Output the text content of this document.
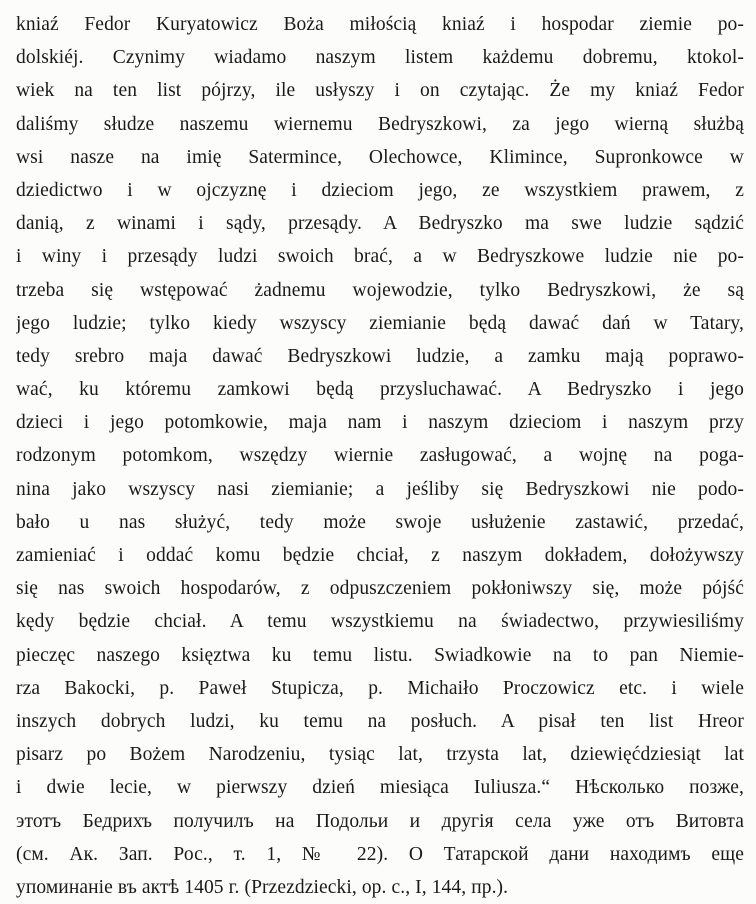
kniaź Fedor Kuryatowicz Boża miłością kniaź i hospodar ziemie po-
dolskiéj. Czynimy wiadamo naszym listem każdemu dobremu, ktokol-
wiek na ten list pójrzy, ile usłyszy i on czytając. Że my kniaź Fedor
daliśmy słudze naszemu wiernemu Bedryszkowi, za jego wierną służbą
wsi nasze na imię Saterminсe, Olechowce, Kliminсe, Supronkowce w
dziedictwo i w ojczyznę i dzieciom jego, ze wszystkiem prawem, z
danią, z winami i sądy, przesądy. A Bedryszko ma swe ludzie sądzić
i winy i przesądy ludzi swoich brać, a w Bedryszkowe ludzie nie po-
trzeba się wstępować żadnemu wojewodzie, tylko Bedryszkowi, że są
jego ludzie; tylko kiedy wszyscy ziemianie będą dawać dań w Tatary,
tedy srebro maja dawać Bedryszkowi ludzie, a zamku mają poprawo-
wać, ku któremu zamkowi będą przysluchawać. A Bedryszko i jego
dzieci i jego potomkowie, maja nam i naszym dzieciom i naszym przy
rodzonym potomkom, wszędzy wiernie zasługować, a wojnę na poga-
nina jako wszyscy nasi ziemianie; a jeśliby się Bedryszkowi nie podo-
bało u nas służyć, tedy może swoje usłużenie zastawić, przedać,
zamieniać i oddać komu będzie chciał, z naszym dokładem, dołożywszy
się nas swoich hospodarów, z odpuszczeniem pokłoniwszy się, może pójść
kędy będzie chciał. A temu wszystkiemu na świadectwo, przywiesiliśmy
pieczęc naszego księztwa ku temu listu. Swiadkowie na to pan Niemie-
rza Bakocki, p. Paweł Stupicza, p. Michaiło Proczowicz etc. i wiele
inszych dobrych ludzi, ku temu na posłuch. A pisał ten list Hreor
pisarz po Bożem Narodzeniu, tysiąc lat, trzysta lat, dziewięćdziesiąt lat
i dwie lecie, w pierwszy dzień miesiąca Iuliusza.“ Нѣсколько позже,
этотъ Бедрихъ получилъ на Подольи и другія села уже отъ Витовта
(см. Ак. Зап. Рос., т. 1, № 22). О Татарской дани находимъ еще
упоминаніе въ актѣ 1405 г. (Przezdziecki, op. c., I, 144, пр.).
